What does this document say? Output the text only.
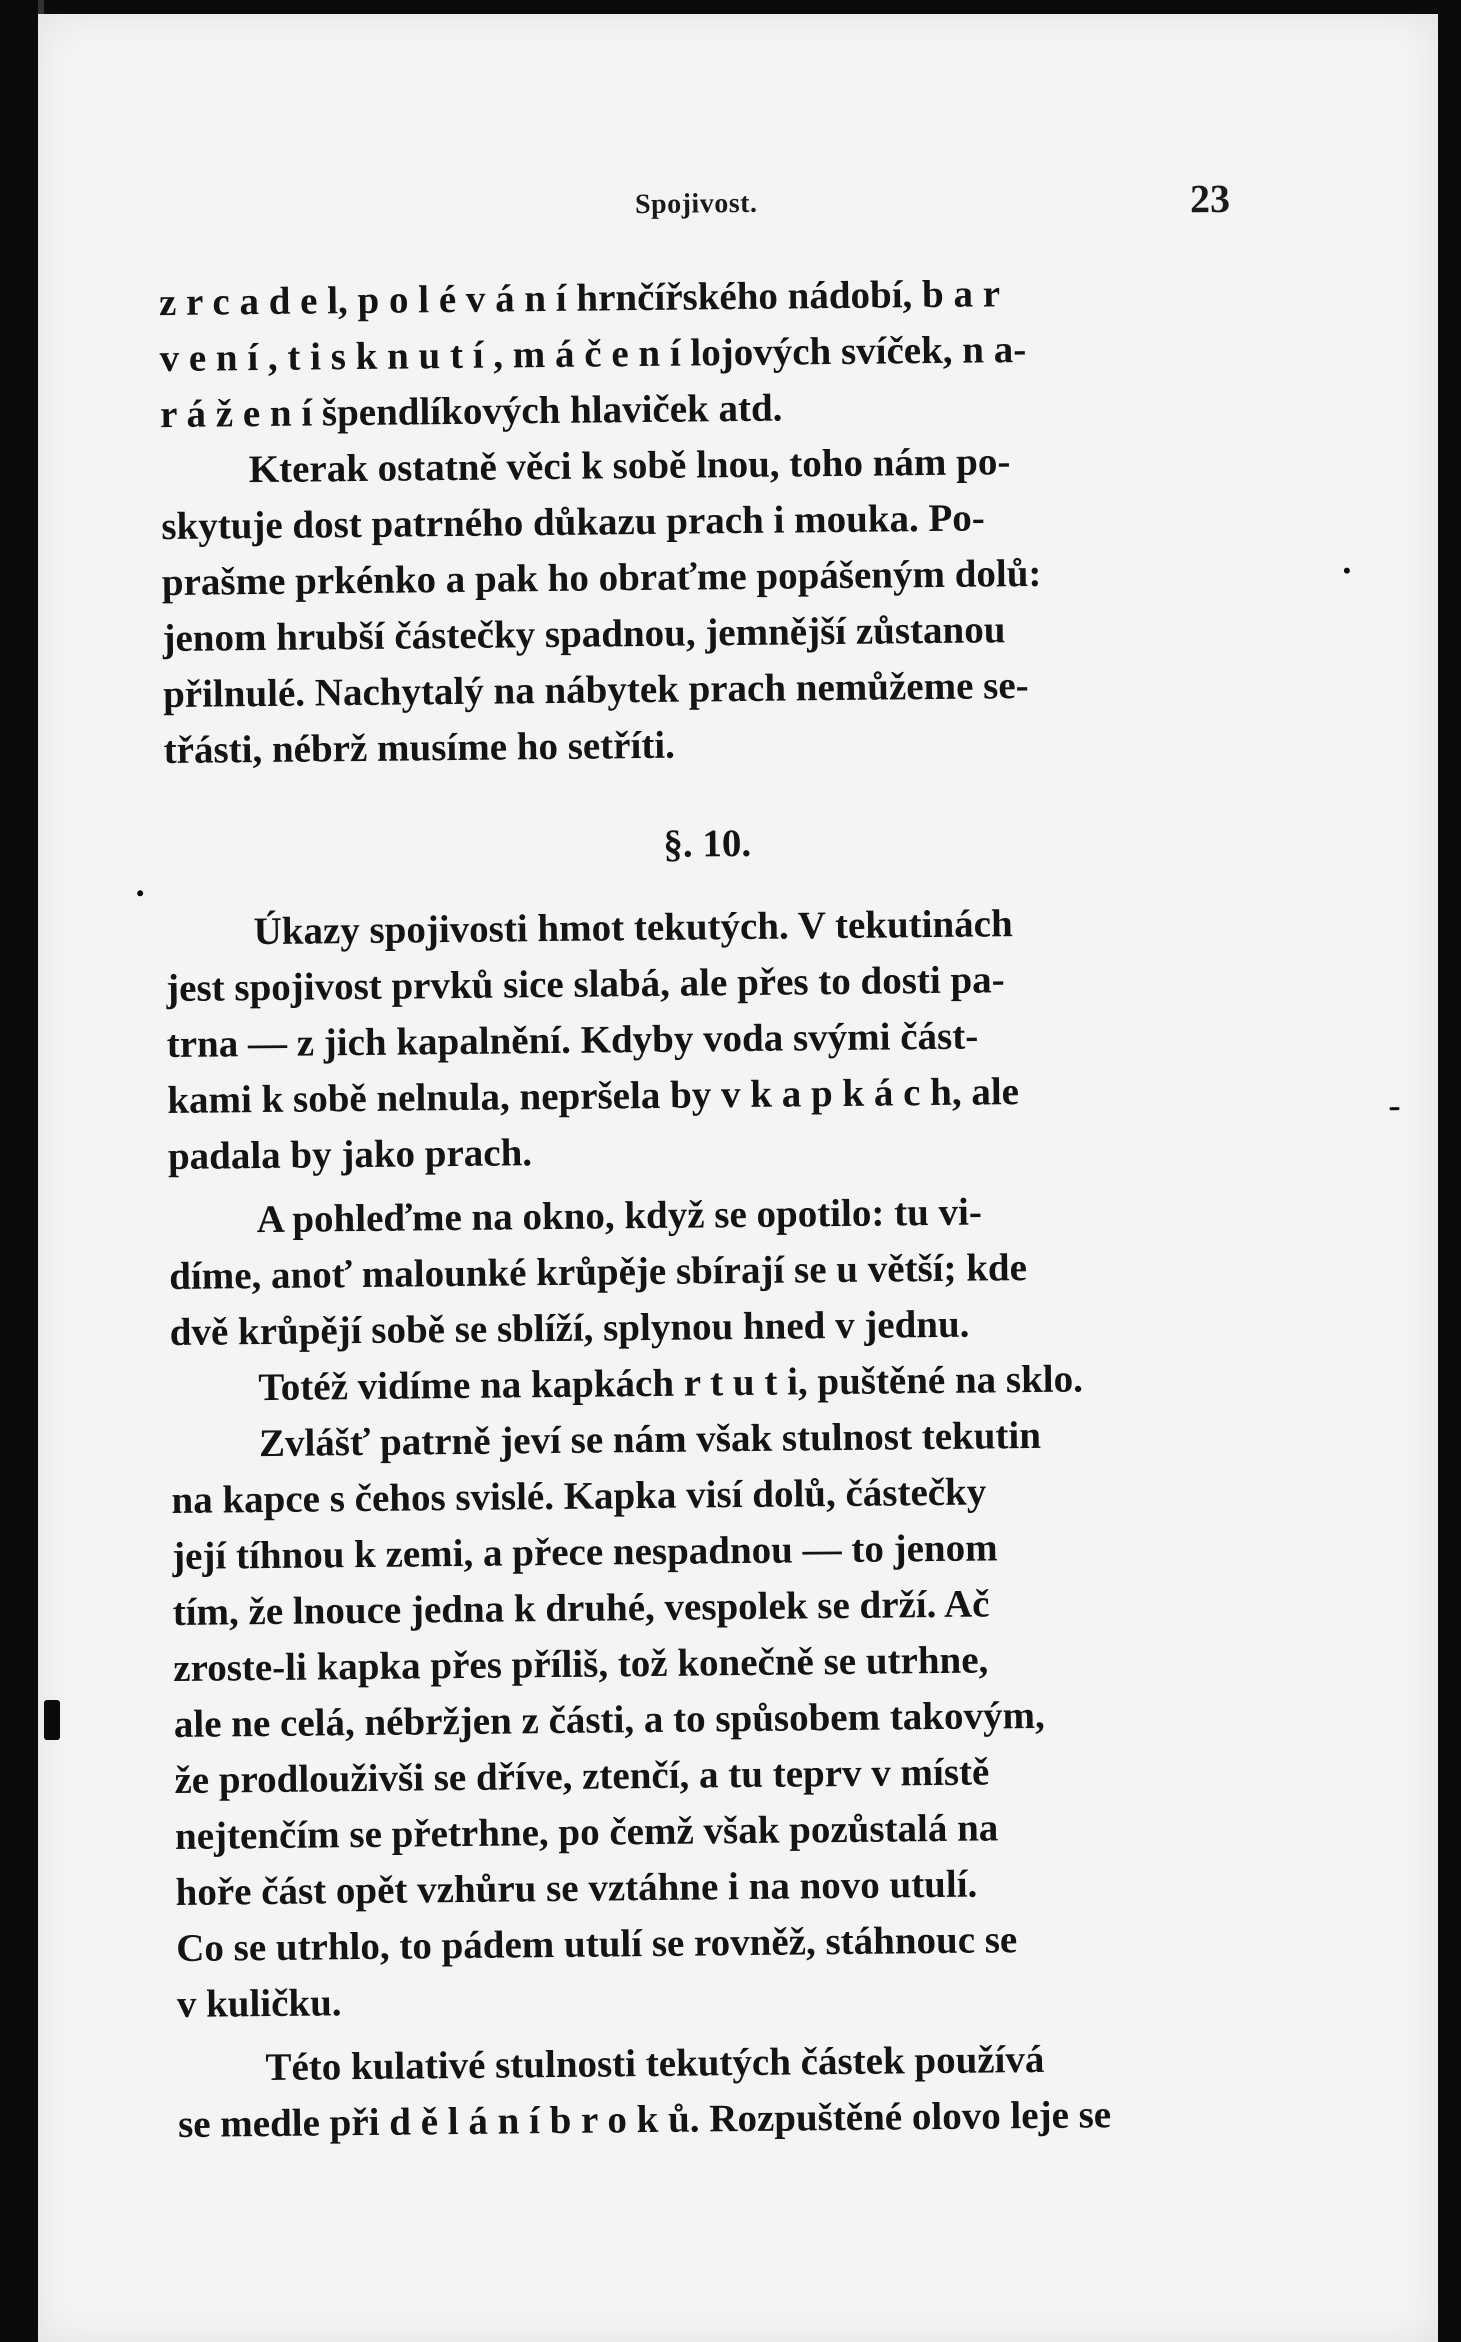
Spojivost.	23
z r c a d e l, p o l é v á n í hrnčířského nádobí, b a r
v e n í , t i s k n u t í , m á č e n í lojových svíček, n a-
r á ž e n í špendlíkových hlaviček atd.
Kterak ostatně věci k sobě lnou, toho nám po-
skytuje dost patrného důkazu prach i mouka. Po-
prašme prkénko a pak ho obraťme popášeným dolů:
jenom hrubší částečky spadnou, jemnější zůstanou
přilnulé. Nachytalý na nábytek prach nemůžeme se-
třásti, nébrž musíme ho setříti.
§. 10.
Úkazy spojivosti hmot tekutých. V tekutinách
jest spojivost prvků sice slabá, ale přes to dosti pa-
trna — z jich kapalnění. Kdyby voda svými část-
kami k sobě nelnula, nepršela by v k a p k á c h, ale
padala by jako prach.
A pohleďme na okno, když se opotilo: tu vi-
díme, anoť malounké krůpěje sbírají se u větší; kde
dvě krůpějí sobě se sblíží, splynou hned v jednu.
Totéž vidíme na kapkách r t u t i, puštěné na sklo.
Zvlášť patrně jeví se nám však stulnost tekutin
na kapce s čehos svislé. Kapka visí dolů, částečky
její tíhnou k zemi, a přece nespadnou — to jenom
tím, že lnouce jedna k druhé, vespolek se drží. Ač
zroste-li kapka přes příliš, tož konečně se utrhne,
ale ne celá, nébržjen z části, a to spůsobem takovým,
že prodlouživši se dříve, ztenčí, a tu teprv v místě
nejtenčím se přetrhne, po čemž však pozůstalá na
hoře část opět vzhůru se vztáhne i na novo utulí.
Co se utrhlo, to pádem utulí se rovněž, stáhnouc se
v kuličku.
Této kulativé stulnosti tekutých částek používá
se medle při d ě l á n í b r o k ů. Rozpuštěné olovo leje se
